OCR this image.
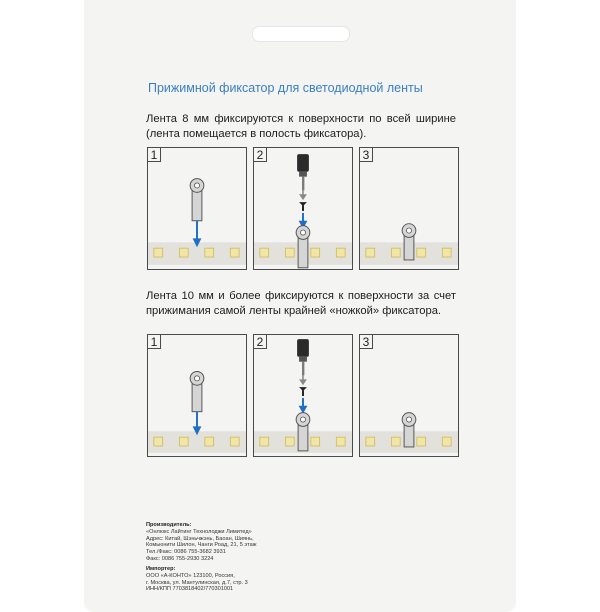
Прижимной фиксатор для светодиодной ленты
Лента 8 мм фиксируются к поверхности по всей ширине (лента помещается в полость фиксатора).
1	2	3
Лента 10 мм и более фиксируются к поверхности за счет прижимания самой ленты крайней «ножкой» фиксатора.
1	2	3
Производитель:
«Онлюкс Лайтинг Технолоджи Лимитед»
Адрес: Китай, Шэньчжэнь, Баоан, Шиянь,
Комьюнити Шилон, Чанги Роад, 21, 5 этаж
Тел./Факс: 0086 755-3682 3931
Факс: 0086 755-2930 3224
Импортер:
ООО «А-КОНТО» 123100, Россия,
г. Москва, ул. Мантулинская, д.7, стр. 3
ИНН/КПП 7703818402/770301001
